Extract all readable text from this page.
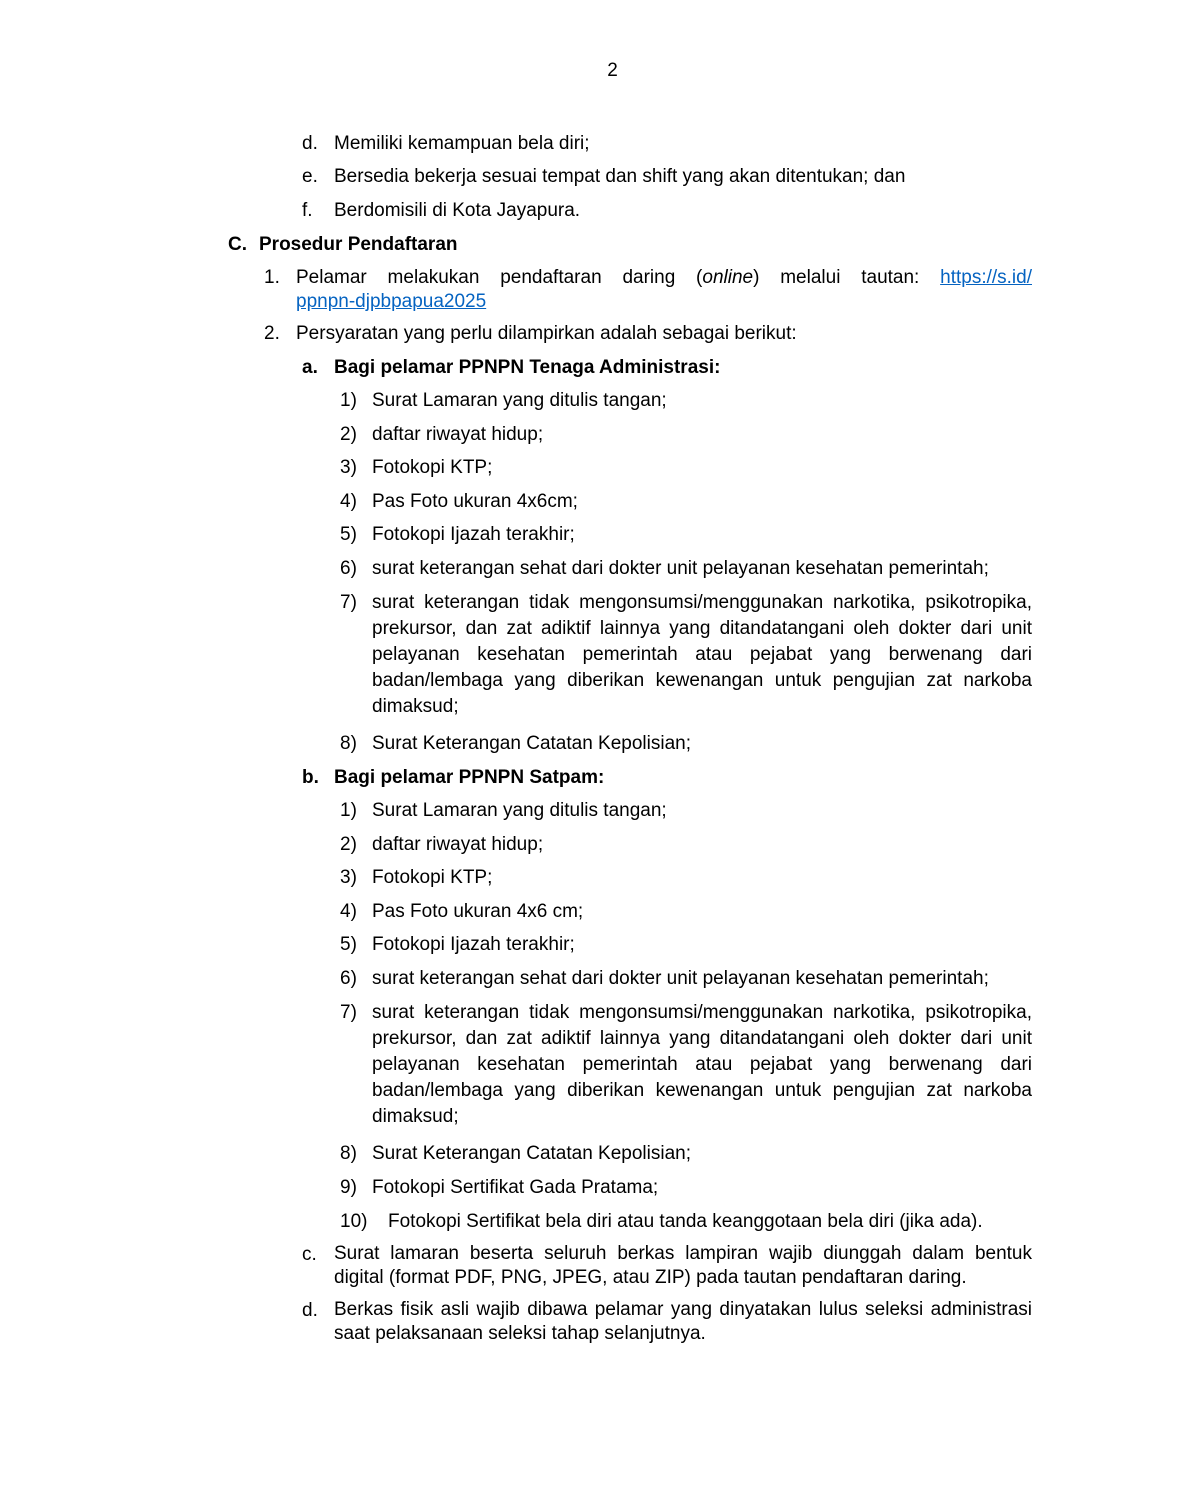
2
d. Memiliki kemampuan bela diri;
e. Bersedia bekerja sesuai tempat dan shift yang akan ditentukan; dan
f.	Berdomisili di Kota Jayapura.
C. Prosedur Pendaftaran
1. Pelamar melakukan pendaftaran daring (online) melalui tautan: https://s.id/
ppnpn-djpbpapua2025
2. Persyaratan yang perlu dilampirkan adalah sebagai berikut:
a. Bagi pelamar PPNPN Tenaga Administrasi:
1) Surat Lamaran yang ditulis tangan;
2) daftar riwayat hidup;
3) Fotokopi KTP;
4) Pas Foto ukuran 4x6cm;
5) Fotokopi Ijazah terakhir;
6) surat keterangan sehat dari dokter unit pelayanan kesehatan pemerintah;
7) surat keterangan tidak mengonsumsi/menggunakan narkotika, psikotropika, prekursor, dan zat adiktif lainnya yang ditandatangani oleh dokter dari unit pelayanan kesehatan pemerintah atau pejabat yang berwenang dari badan/lembaga yang diberikan kewenangan untuk pengujian zat narkoba dimaksud;
8) Surat Keterangan Catatan Kepolisian;
b. Bagi pelamar PPNPN Satpam:
1) Surat Lamaran yang ditulis tangan;
2) daftar riwayat hidup;
3) Fotokopi KTP;
4) Pas Foto ukuran 4x6 cm;
5) Fotokopi Ijazah terakhir;
6) surat keterangan sehat dari dokter unit pelayanan kesehatan pemerintah;
7) surat keterangan tidak mengonsumsi/menggunakan narkotika, psikotropika, prekursor, dan zat adiktif lainnya yang ditandatangani oleh dokter dari unit pelayanan kesehatan pemerintah atau pejabat yang berwenang dari badan/lembaga yang diberikan kewenangan untuk pengujian zat narkoba dimaksud;
8) Surat Keterangan Catatan Kepolisian;
9) Fotokopi Sertifikat Gada Pratama;
10)	Fotokopi Sertifikat bela diri atau tanda keanggotaan bela diri (jika ada).
c. Surat lamaran beserta seluruh berkas lampiran wajib diunggah dalam bentuk digital (format PDF, PNG, JPEG, atau ZIP) pada tautan pendaftaran daring.
d. Berkas fisik asli wajib dibawa pelamar yang dinyatakan lulus seleksi administrasi saat pelaksanaan seleksi tahap selanjutnya.
